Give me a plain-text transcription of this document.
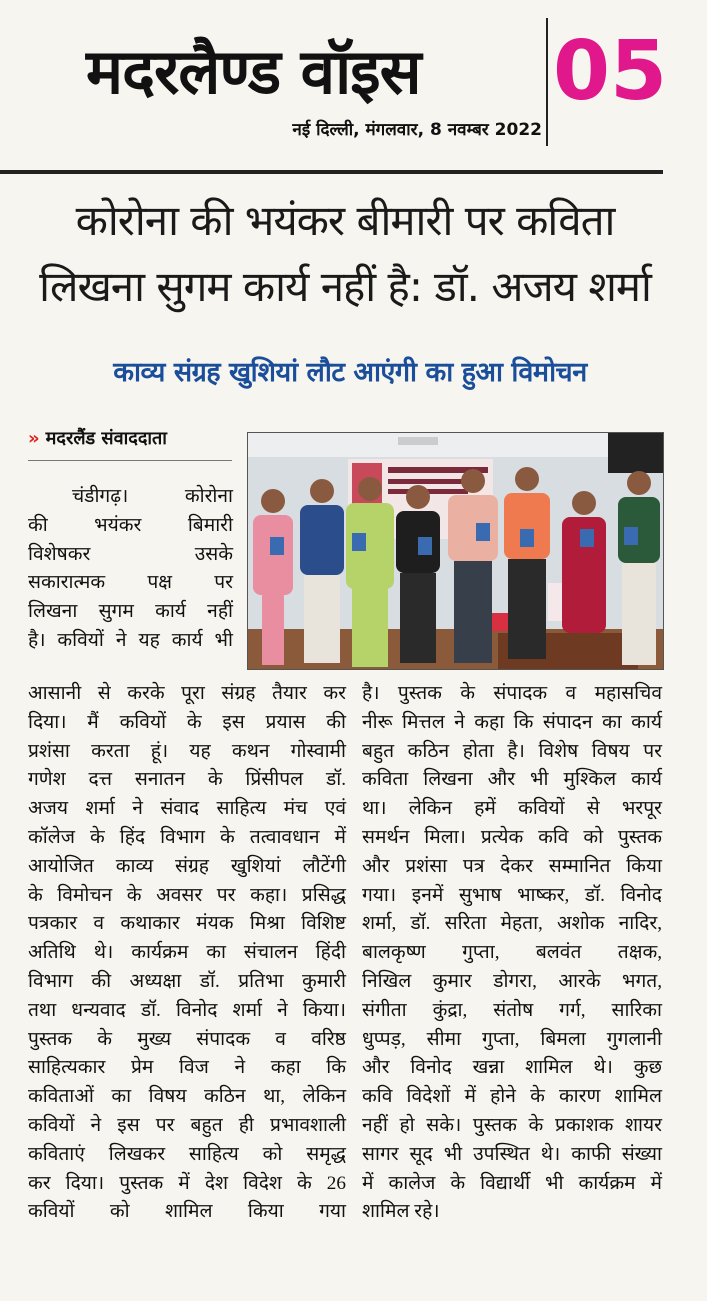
मदरलैण्ड वॉइस 05
नई दिल्ली, मंगलवार, 8 नवम्बर 2022
कोरोना की भयंकर बीमारी पर कविता
लिखना सुगम कार्य नहीं है: डॉ. अजय शर्मा
काव्य संग्रह खुशियां लौट आएंगी का हुआ विमोचन
» मदरलैंड संवाददाता

चंडीगढ़। कोरोना

की भयंकर बिमारी

विशेषकर उसके

सकारात्मक पक्ष पर

लिखना सुगम कार्य नहीं

है। कवियों ने यह कार्य भी

आसानी से करके पूरा संग्रह तैयार कर

दिया। मैं कवियों के इस प्रयास की

प्रशंसा करता हूं। यह कथन गोस्वामी

गणेश दत्त सनातन के प्रिंसीपल डॉ.

अजय शर्मा ने संवाद साहित्य मंच एवं

कॉलेज के हिंद विभाग के तत्वावधान में

आयोजित काव्य संग्रह खुशियां लौटेंगी

के विमोचन के अवसर पर कहा। प्रसिद्ध

पत्रकार व कथाकार मंयक मिश्रा विशिष्ट

अतिथि थे। कार्यक्रम का संचालन हिंदी

विभाग की अध्यक्षा डॉ. प्रतिभा कुमारी

तथा धन्यवाद डॉ. विनोद शर्मा ने किया।

पुस्तक के मुख्य संपादक व वरिष्ठ

साहित्यकार प्रेम विज ने कहा कि

कविताओं का विषय कठिन था, लेकिन

कवियों ने इस पर बहुत ही प्रभावशाली

कविताएं लिखकर साहित्य को समृद्ध

कर दिया। पुस्तक में देश विदेश के 26

कवियों को शामिल किया गया

है। पुस्तक के संपादक व महासचिव

नीरू मित्तल ने कहा कि संपादन का कार्य

बहुत कठिन होता है। विशेष विषय पर

कविता लिखना और भी मुश्किल कार्य

था। लेकिन हमें कवियों से भरपूर

समर्थन मिला। प्रत्येक कवि को पुस्तक

और प्रशंसा पत्र देकर सम्मानित किया

गया। इनमें सुभाष भाष्कर, डॉ. विनोद

शर्मा, डॉ. सरिता मेहता, अशोक नादिर,

बालकृष्ण गुप्ता, बलवंत तक्षक,

निखिल कुमार डोगरा, आरके भगत,

संगीता कुंद्रा, संतोष गर्ग, सारिका

धुप्पड़, सीमा गुप्ता, बिमला गुगलानी

और विनोद खन्ना शामिल थे। कुछ

कवि विदेशों में होने के कारण शामिल

नहीं हो सके। पुस्तक के प्रकाशक शायर

सागर सूद भी उपस्थित थे। काफी संख्या

में कालेज के विद्यार्थी भी कार्यक्रम में

शामिल रहे।
